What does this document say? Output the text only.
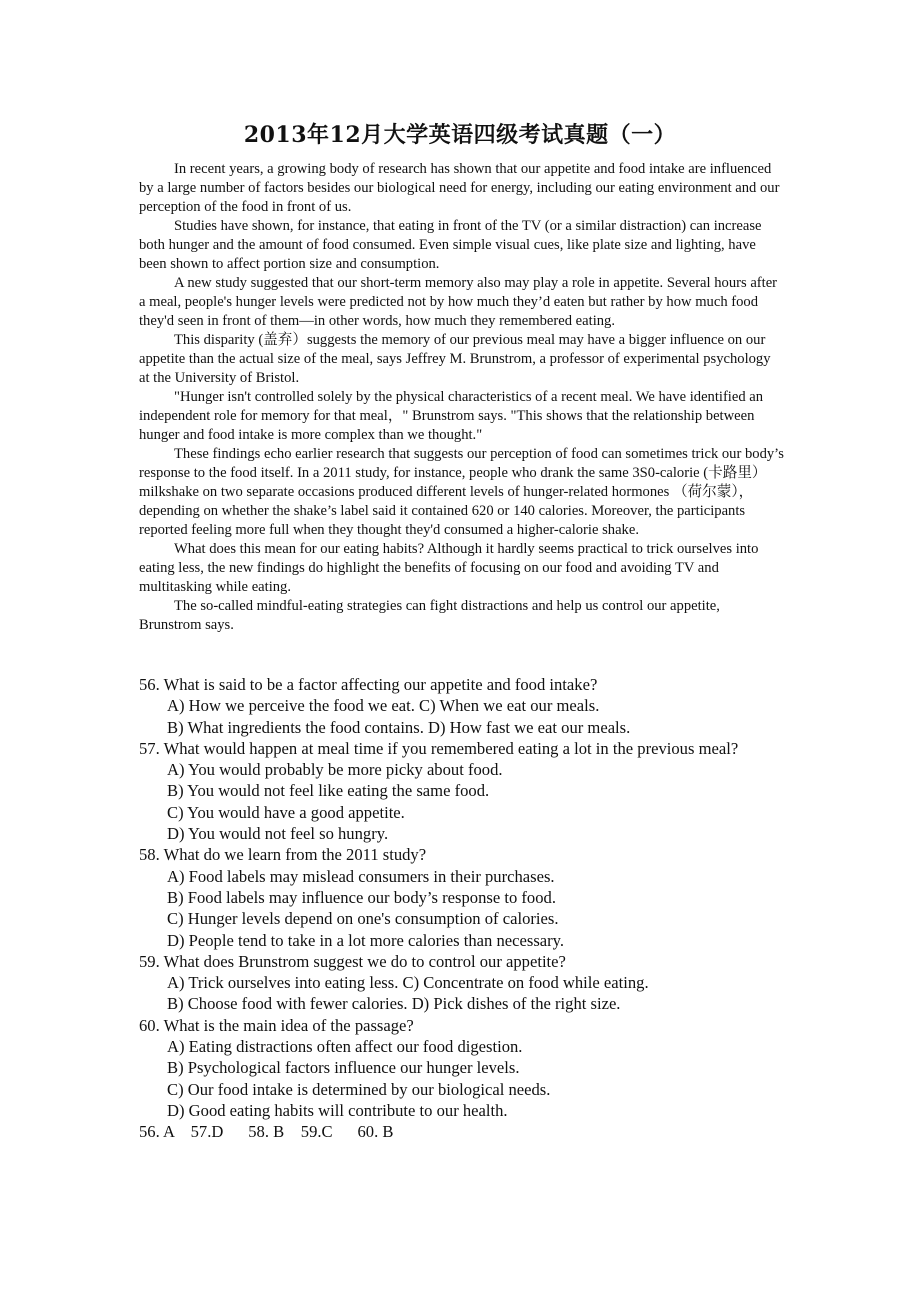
2013年12月大学英语四级考试真题（一）

In recent years, a growing body of research has shown that our appetite and food intake are influenced by a large number of factors besides our biological need for energy, including our eating environment and our perception of the food in front of us.

Studies have shown, for instance, that eating in front of the TV (or a similar distraction) can increase both hunger and the amount of food consumed. Even simple visual cues, like plate size and lighting, have been shown to affect portion size and consumption.

A new study suggested that our short-term memory also may play a role in appetite. Several hours after a meal, people's hunger levels were predicted not by how much they’d eaten but rather by how much food they'd seen in front of them—in other words, how much they remembered eating.

This disparity (盖弃）suggests the memory of our previous meal may have a bigger influence on our appetite than the actual size of the meal, says Jeffrey M. Brunstrom, a professor of experimental psychology at the University of Bristol.

"Hunger isn't controlled solely by the physical characteristics of a recent meal. We have identified an independent role for memory for that meal，" Brunstrom says. "This shows that the relationship between hunger and food intake is more complex than we thought."

These findings echo earlier research that suggests our perception of food can sometimes trick our body’s response to the food itself. In a 2011 study, for instance, people who drank the same 3S0-calorie (卡路里）milkshake on two separate occasions produced different levels of hunger-related hormones （荷尔蒙），depending on whether the shake’s label said it contained 620 or 140 calories. Moreover, the participants reported feeling more full when they thought they'd consumed a higher-calorie shake.

What does this mean for our eating habits? Although it hardly seems practical to trick ourselves into eating less, the new findings do highlight the benefits of focusing on our food and avoiding TV and multitasking while eating.

The so-called mindful-eating strategies can fight distractions and help us control our appetite, Brunstrom says.

56. What is said to be a factor affecting our appetite and food intake?

A) How we perceive the food we eat. C) When we eat our meals.

B) What ingredients the food contains. D) How fast we eat our meals.

57. What would happen at meal time if you remembered eating a lot in the previous meal?

A) You would probably be more picky about food.

B) You would not feel like eating the same food.

C) You would have a good appetite.

D) You would not feel so hungry.

58. What do we learn from the 2011 study?

A) Food labels may mislead consumers in their purchases.

B) Food labels may influence our body’s response to food.

C) Hunger levels depend on one's consumption of calories.

D) People tend to take in a lot more calories than necessary.

59. What does Brunstrom suggest we do to control our appetite?

A) Trick ourselves into eating less. C) Concentrate on food while eating.

B) Choose food with fewer calories. D) Pick dishes of the right size.

60. What is the main idea of the passage?

A) Eating distractions often affect our food digestion.

B) Psychological factors influence our hunger levels.

C) Our food intake is determined by our biological needs.

D) Good eating habits will contribute to our health.

56. A    57.D      58. B    59.C      60. B
